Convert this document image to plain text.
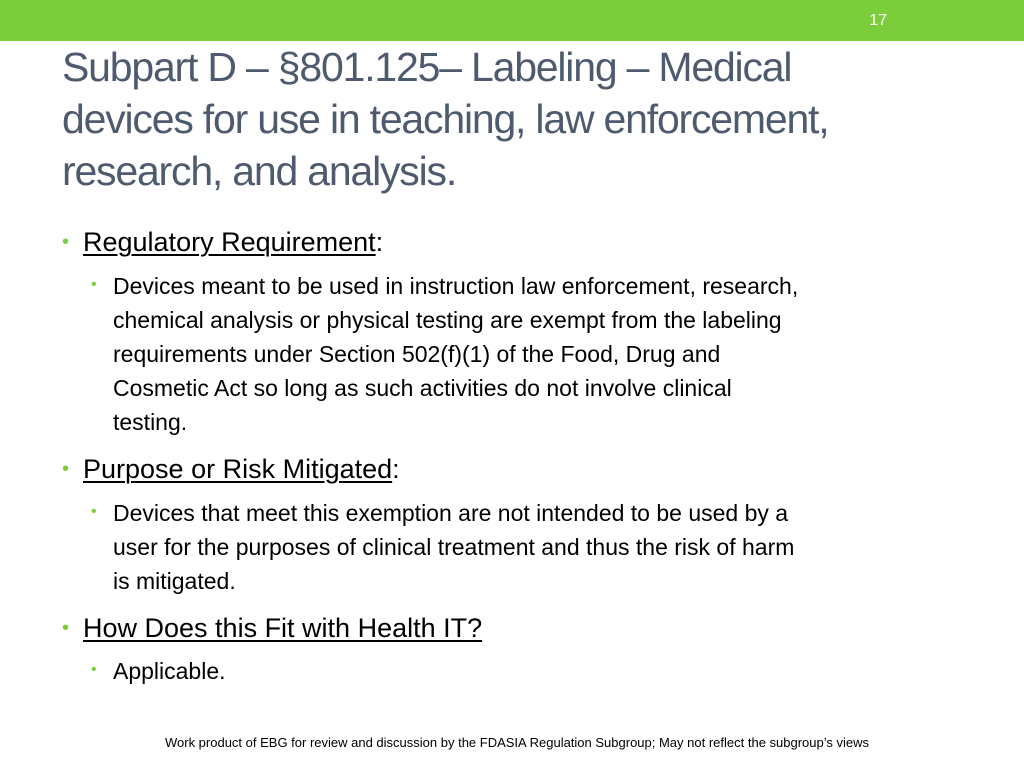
17
Subpart D – §801.125– Labeling – Medical
devices for use in teaching, law enforcement,
research, and analysis.
• Regulatory Requirement:
• Devices meant to be used in instruction law enforcement, research,
chemical analysis or physical testing are exempt from the labeling
requirements under Section 502(f)(1) of the Food, Drug and
Cosmetic Act so long as such activities do not involve clinical
testing.
• Purpose or Risk Mitigated:
• Devices that meet this exemption are not intended to be used by a
user for the purposes of clinical treatment and thus the risk of harm
is mitigated.
• How Does this Fit with Health IT?
• Applicable.
Work product of EBG for review and discussion by the FDASIA Regulation Subgroup; May not reflect the subgroup’s views
